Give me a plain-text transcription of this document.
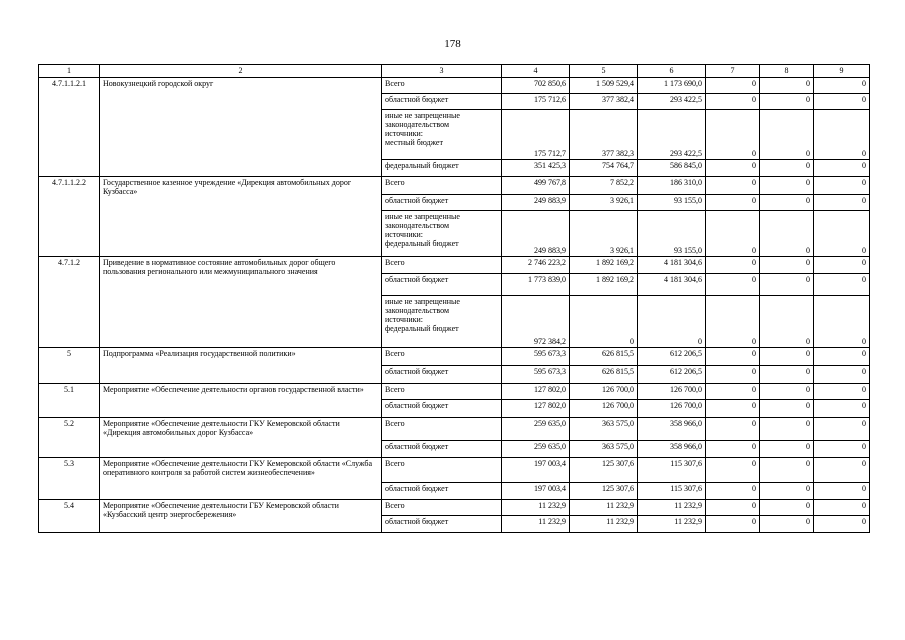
178
1	2	3	4	5	6	7	8	9
4.7.1.1.2.1	Новокузнецкий городской округ	Всего	702 850,6	1 509 529,4	1 173 690,0	0	0	0
		областной бюджет	175 712,6	377 382,4	293 422,5	0	0	0
		иные не запрещенные
законодательством
источники:
местный бюджет	175 712,7	377 382,3	293 422,5	0	0	0
		федеральный бюджет	351 425,3	754 764,7	586 845,0	0	0	0
4.7.1.1.2.2	Государственное казенное учреждение «Дирекция автомобильных дорог Кузбасса»	Всего	499 767,8	7 852,2	186 310,0	0	0	0
		областной бюджет	249 883,9	3 926,1	93 155,0	0	0	0
		иные не запрещенные
законодательством
источники:
федеральный бюджет	249 883,9	3 926,1	93 155,0	0	0	0
4.7.1.2	Приведение в нормативное состояние автомобильных дорог общего пользования регионального или межмуниципального значения	Всего	2 746 223,2	1 892 169,2	4 181 304,6	0	0	0
		областной бюджет	1 773 839,0	1 892 169,2	4 181 304,6	0	0	0
		иные не запрещенные
законодательством
источники:
федеральный бюджет	972 384,2	0	0	0	0	0
5	Подпрограмма «Реализация государственной политики»	Всего	595 673,3	626 815,5	612 206,5	0	0	0
		областной бюджет	595 673,3	626 815,5	612 206,5	0	0	0
5.1	Мероприятие «Обеспечение деятельности органов государственной власти»	Всего	127 802,0	126 700,0	126 700,0	0	0	0
		областной бюджет	127 802,0	126 700,0	126 700,0	0	0	0
5.2	Мероприятие «Обеспечение деятельности ГКУ Кемеровской области «Дирекция автомобильных дорог Кузбасса»	Всего	259 635,0	363 575,0	358 966,0	0	0	0
		областной бюджет	259 635,0	363 575,0	358 966,0	0	0	0
5.3	Мероприятие «Обеспечение деятельности ГКУ Кемеровской области «Служба оперативного контроля за работой систем жизнеобеспечения»	Всего	197 003,4	125 307,6	115 307,6	0	0	0
		областной бюджет	197 003,4	125 307,6	115 307,6	0	0	0
5.4	Мероприятие «Обеспечение деятельности ГБУ Кемеровской области «Кузбасский центр энергосбережения»	Всего	11 232,9	11 232,9	11 232,9	0	0	0
		областной бюджет	11 232,9	11 232,9	11 232,9	0	0	0
